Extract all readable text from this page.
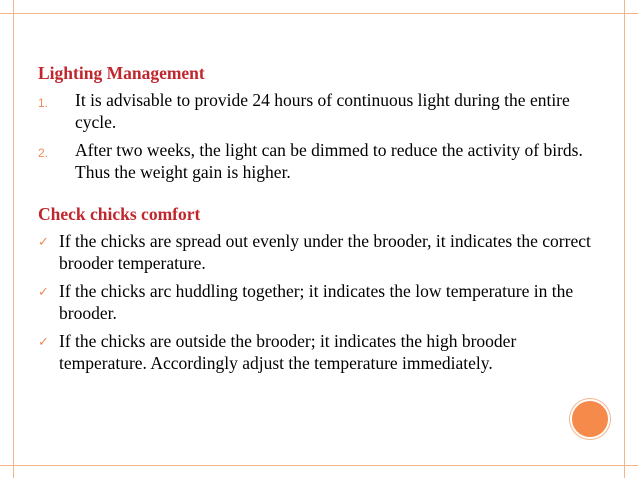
Lighting Management
1.	It is advisable to provide 24 hours of continuous light during the entire cycle.
2.	After two weeks, the light can be dimmed to reduce the activity of birds. Thus the weight gain is higher.
Check chicks comfort
✓ If the chicks are spread out evenly under the brooder, it indicates the correct brooder temperature.
✓ If the chicks arc huddling together; it indicates the low temperature in the brooder.
✓ If the chicks are outside the brooder; it indicates the high brooder temperature. Accordingly adjust the temperature immediately.
